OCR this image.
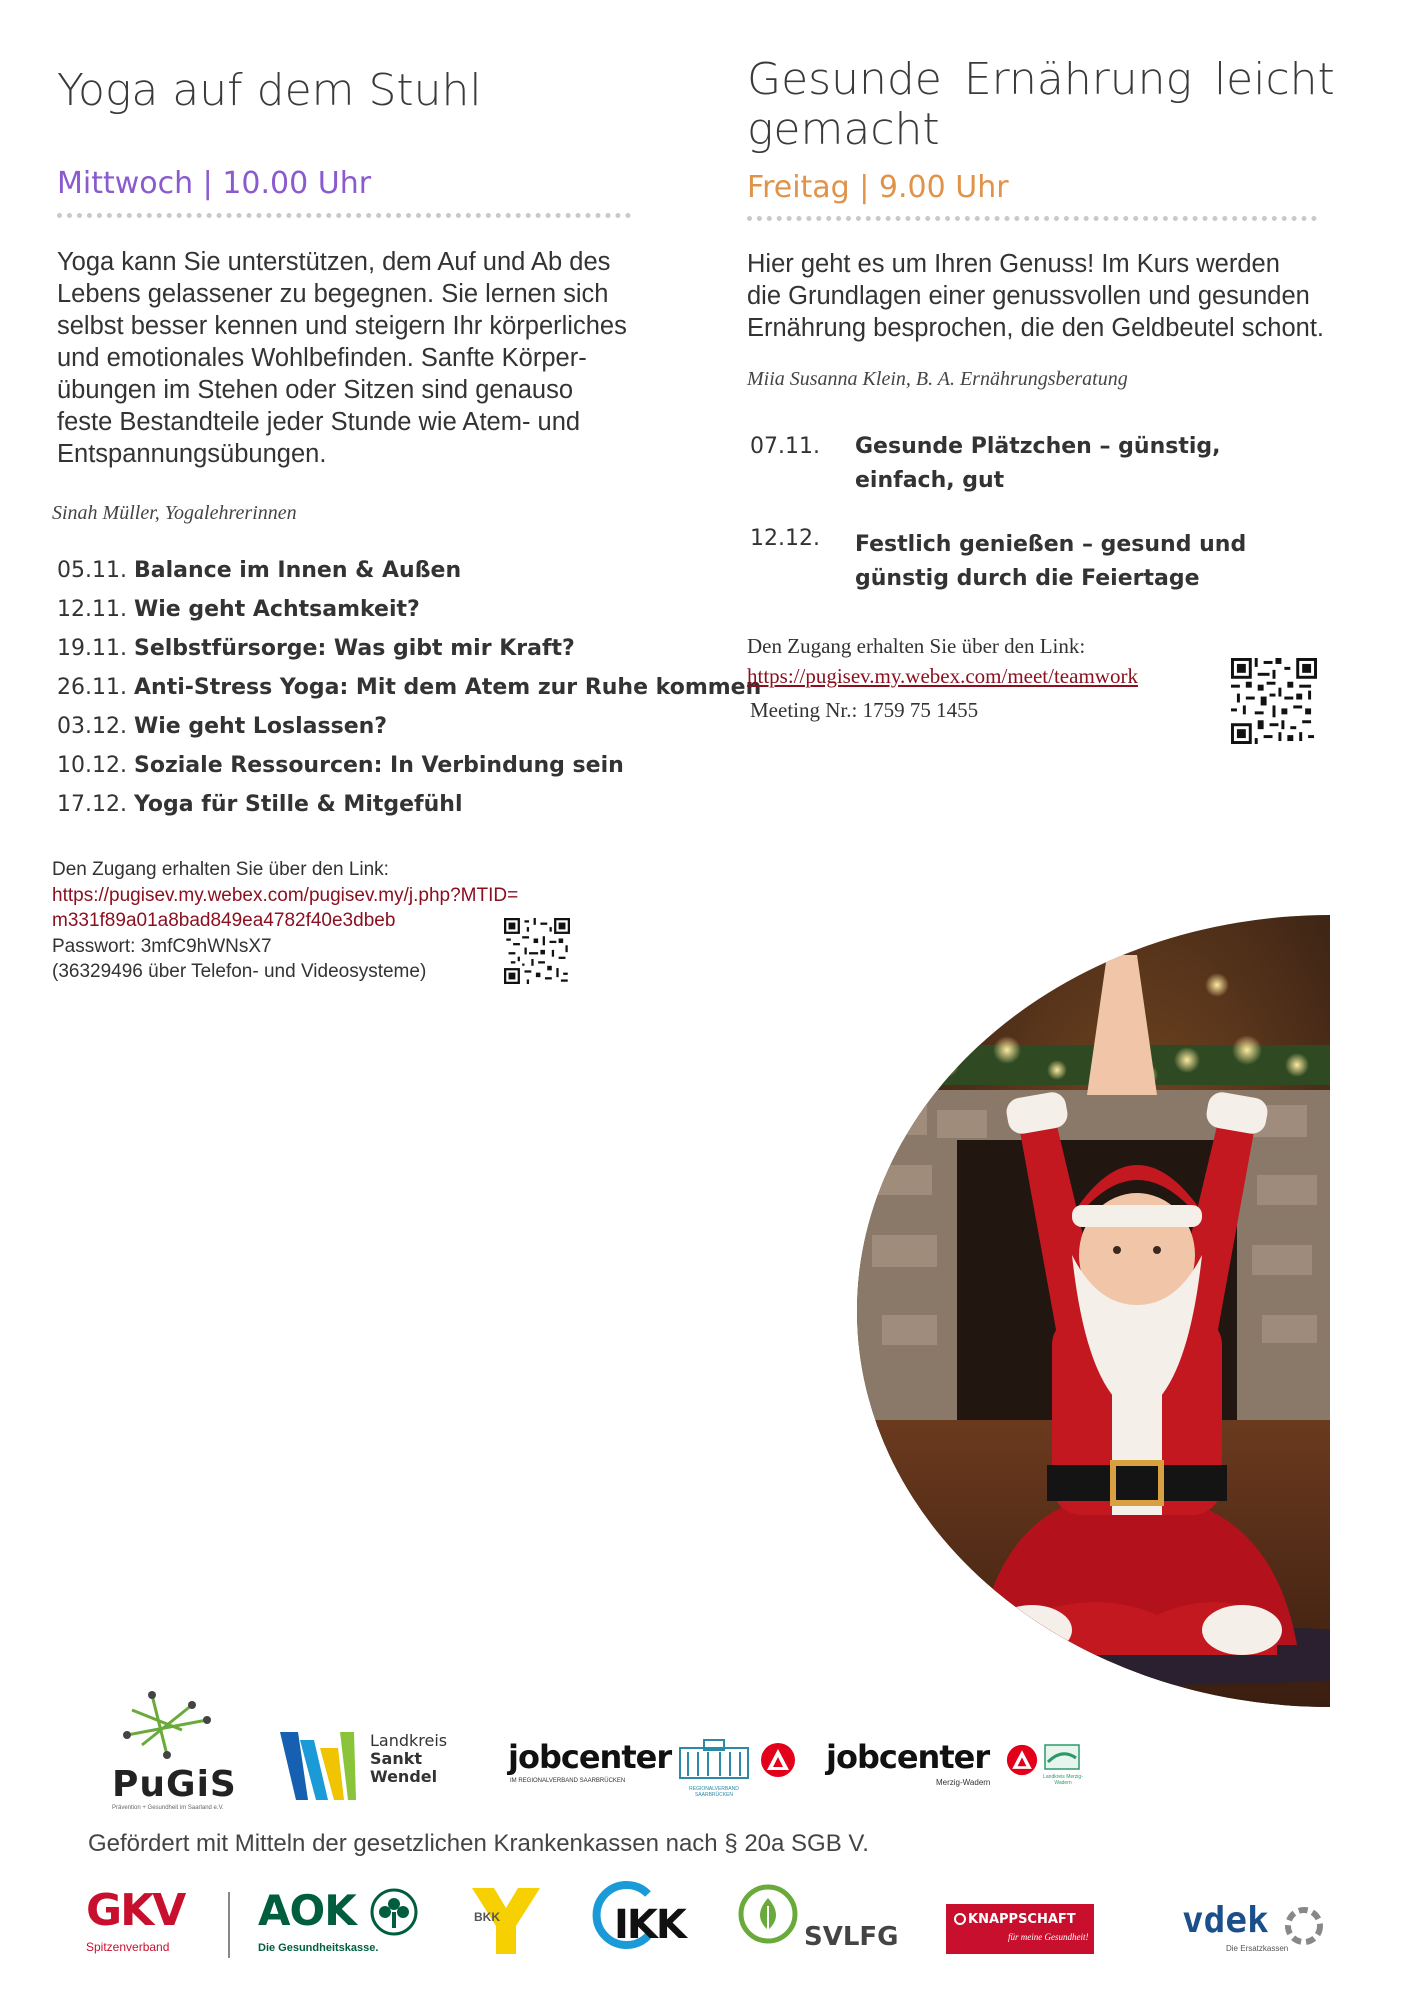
Yoga auf dem Stuhl
Mittwoch | 10.00 Uhr
Yoga kann Sie unterstützen, dem Auf und Ab des
Lebens gelassener zu begegnen. Sie lernen sich
selbst besser kennen und steigern Ihr körperliches
und emotionales Wohlbefinden. Sanfte Körper-
übungen im Stehen oder Sitzen sind genauso
feste Bestandteile jeder Stunde wie Atem- und
Entspannungsübungen.
Sinah Müller, Yogalehrerinnen
05.11. Balance im Innen & Außen
12.11. Wie geht Achtsamkeit?
19.11. Selbstfürsorge: Was gibt mir Kraft?
26.11. Anti-Stress Yoga: Mit dem Atem zur Ruhe kommen
03.12. Wie geht Loslassen?
10.12. Soziale Ressourcen: In Verbindung sein
17.12. Yoga für Stille & Mitgefühl
Den Zugang erhalten Sie über den Link:
https://pugisev.my.webex.com/pugisev.my/j.php?MTID=
m331f89a01a8bad849ea4782f40e3dbeb
Passwort: 3mfC9hWNsX7
(36329496 über Telefon- und Videosysteme)
Gesunde Ernährung leicht
gemacht
Freitag | 9.00 Uhr
Hier geht es um Ihren Genuss! Im Kurs werden
die Grundlagen einer genussvollen und gesunden
Ernährung besprochen, die den Geldbeutel schont.
Miia Susanna Klein, B. A. Ernährungsberatung
07.11. Gesunde Plätzchen – günstig,
einfach, gut
12.12. Festlich genießen – gesund und
günstig durch die Feiertage
Den Zugang erhalten Sie über den Link:
https://pugisev.my.webex.com/meet/teamwork
Meeting Nr.: 1759 75 1455
PuGiS
Prävention + Gesundheit im Saarland e.V.
Landkreis
Sankt
Wendel
jobcenter
IM REGIONALVERBAND SAARBRÜCKEN
REGIONALVERBAND SAARBRÜCKEN
jobcenter
Merzig-Wadern
Landkreis Merzig-Wadern
Gefördert mit Mitteln der gesetzlichen Krankenkassen nach § 20a SGB V.
GKV
Spitzenverband
AOK
Die Gesundheitskasse.
BKK	IKK	SVLFG
KNAPPSCHAFT
für meine Gesundheit!	vdek
Die Ersatzkassen
